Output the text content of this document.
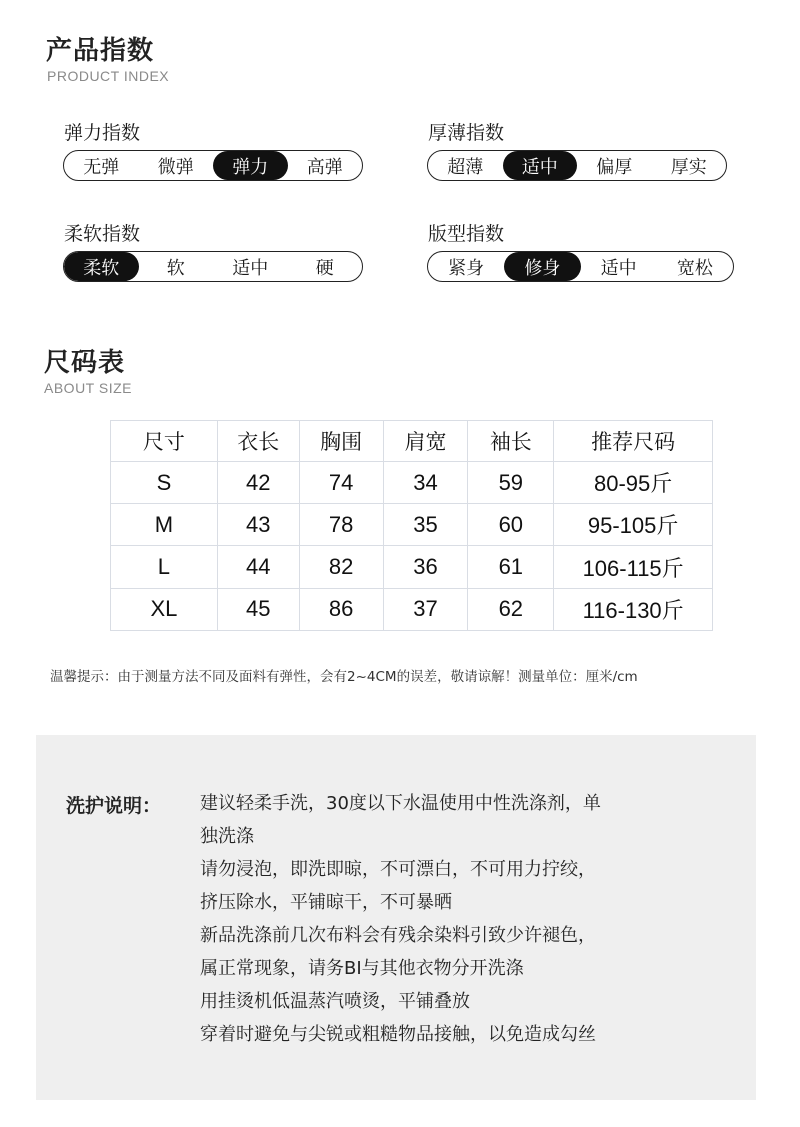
产品指数
PRODUCT INDEX
弹力指数
无弹	微弹	弹力	高弹
厚薄指数
超薄	适中	偏厚	厚实
柔软指数
柔软	软	适中	硬
版型指数
紧身	修身	适中	宽松
尺码表
ABOUT SIZE
尺寸	衣长	胸围	肩宽	袖长	推荐尺码
S	42	74	34	59	80-95斤
M	43	78	35	60	95-105斤
L	44	82	36	61	106-115斤
XL	45	86	37	62	116-130斤
温馨提示：由于测量方法不同及面料有弹性，会有2~4CM的误差，敬请谅解！测量单位：厘米/cm
洗护说明： 建议轻柔手洗，30度以下水温使用中性洗涤剂，单
独洗涤
请勿浸泡，即洗即晾，不可漂白，不可用力拧绞，
挤压除水，平铺晾干，不可暴晒
新品洗涤前几次布料会有残余染料引致少许褪色，
属正常现象，请务BI与其他衣物分开洗涤
用挂烫机低温蒸汽喷烫，平铺叠放
穿着时避免与尖锐或粗糙物品接触，以免造成勾丝
